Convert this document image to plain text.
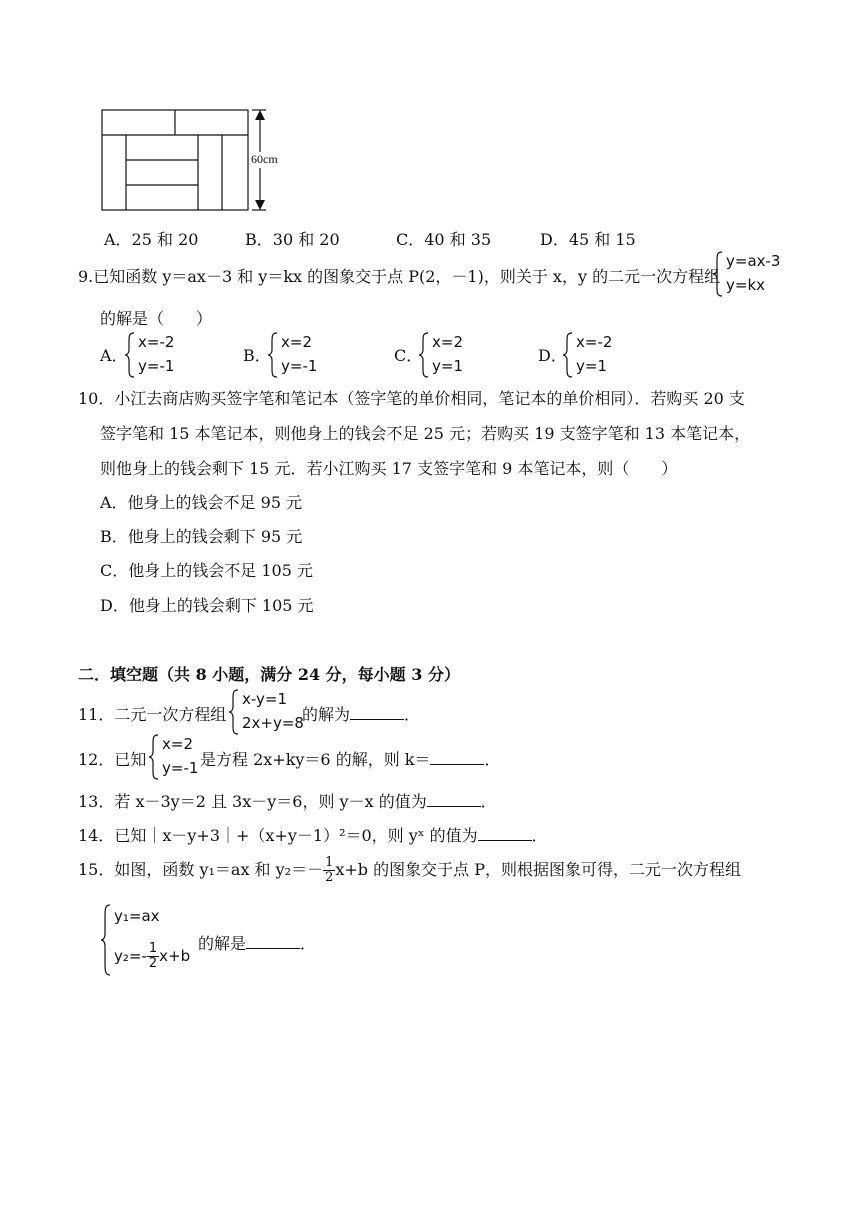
60cm
A．25 和 20	B．30 和 20	C．40 和 35	D．45 和 15
9.已知函数 y＝ax－3 和 y＝kx 的图象交于点 P(2，－1)，则关于 x，y 的二元一次方程组
y=ax-3
y=kx
的解是（　　）
A．
x=-2
y=-1
B．
x=2
y=-1
C．
x=2
y=1
D．
x=-2
y=1
10．小江去商店购买签字笔和笔记本（签字笔的单价相同，笔记本的单价相同）．若购买 20 支
签字笔和 15 本笔记本，则他身上的钱会不足 25 元；若购买 19 支签字笔和 13 本笔记本，
则他身上的钱会剩下 15 元．若小江购买 17 支签字笔和 9 本笔记本，则（　　）
A．他身上的钱会不足 95 元
B．他身上的钱会剩下 95 元
C．他身上的钱会不足 105 元
D．他身上的钱会剩下 105 元
二．填空题（共 8 小题，满分 24 分，每小题 3 分）
11．二元一次方程组
x-y=1
2x+y=8
的解为	．
12．已知
x=2
y=-1 是方程 2x+ky＝6 的解，则 k＝	．
13．若 x－3y＝2 且 3x－y＝6，则 y－x 的值为	．
14．已知｜x－y+3｜+（x+y－1）²＝0，则 yˣ 的值为	．
15．如图，函数 y₁＝ax 和 $y_2=- \frac{1}{2} x+b$ 的图象交于点 P，则根据图象可得，二元一次方程组
y₁=ax
$y_2=- \frac{1}{2} x+b$
的解是	．
